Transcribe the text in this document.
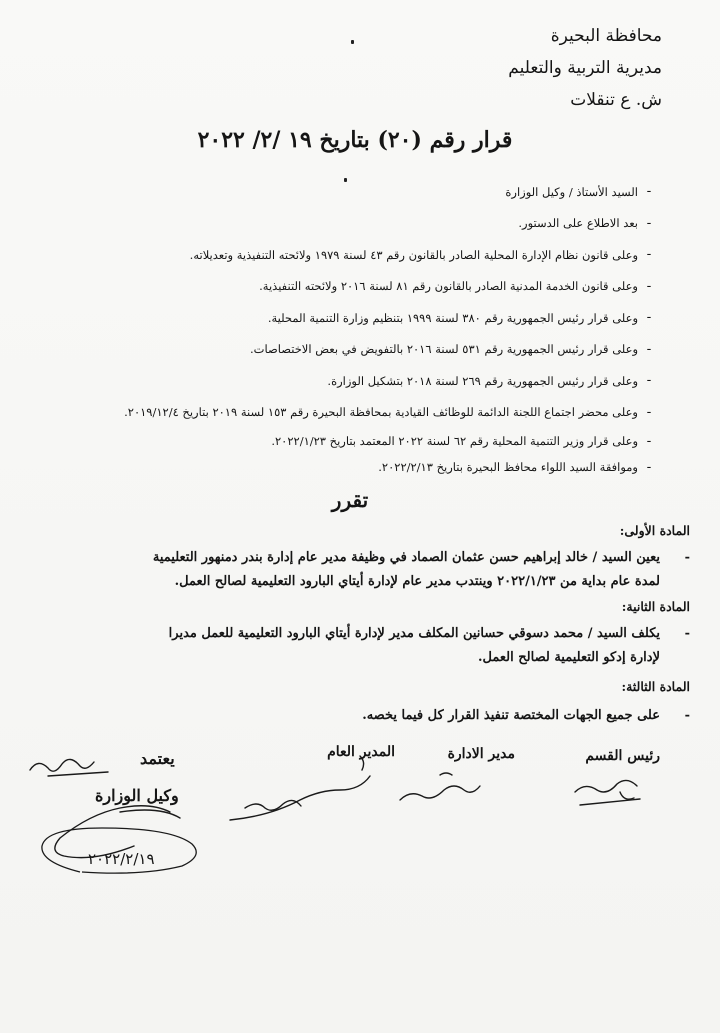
محافظة البحيرة
مديرية التربية والتعليم
ش. ع تنقلات
قرار رقم (٢٠) بتاريخ ١٩ /٢/ ٢٠٢٢
-
السيد الأستاذ / وكيل الوزارة
-
بعد الاطلاع على الدستور.
-
وعلى قانون نظام الإدارة المحلية الصادر بالقانون رقم ٤٣ لسنة ١٩٧٩ ولائحته التنفيذية وتعديلاته.
-
وعلى قانون الخدمة المدنية الصادر بالقانون رقم ٨١ لسنة ٢٠١٦ ولائحته التنفيذية.
-
وعلى قرار رئيس الجمهورية رقم ٣٨٠ لسنة ١٩٩٩ بتنظيم وزارة التنمية المحلية.
-
وعلى قرار رئيس الجمهورية رقم ٥٣١ لسنة ٢٠١٦ بالتفويض في بعض الاختصاصات.
-
وعلى قرار رئيس الجمهورية رقم ٢٦٩ لسنة ٢٠١٨ بتشكيل الوزارة.
-
وعلى محضر اجتماع اللجنة الدائمة للوظائف القيادية بمحافظة البحيرة رقم ١٥٣ لسنة ٢٠١٩ بتاريخ ٢٠١٩/١٢/٤.
-
وعلى قرار وزير التنمية المحلية رقم ٦٢ لسنة ٢٠٢٢ المعتمد بتاريخ ٢٠٢٢/١/٢٣.
-
وموافقة السيد اللواء محافظ البحيرة بتاريخ ٢٠٢٢/٢/١٣.
تقرر
المادة الأولى:
-
يعين السيد / خالد إبراهيم حسن عثمان الصماد في وظيفة مدير عام إدارة بندر دمنهور التعليمية
لمدة عام بداية من ٢٠٢٢/١/٢٣ وينتدب مدير عام لإدارة أيتاي البارود التعليمية لصالح العمل.
المادة الثانية:
-
يكلف السيد / محمد دسوقي حسانين المكلف مدير لإدارة أيتاي البارود التعليمية للعمل مديرا
لإدارة إدكو التعليمية لصالح العمل.
المادة الثالثة:
-
على جميع الجهات المختصة تنفيذ القرار كل فيما يخصه.
رئيس القسم
مدير الادارة
المدير العام
يعتمد
وكيل الوزارة
٢٠٢٢/٢/١٩
